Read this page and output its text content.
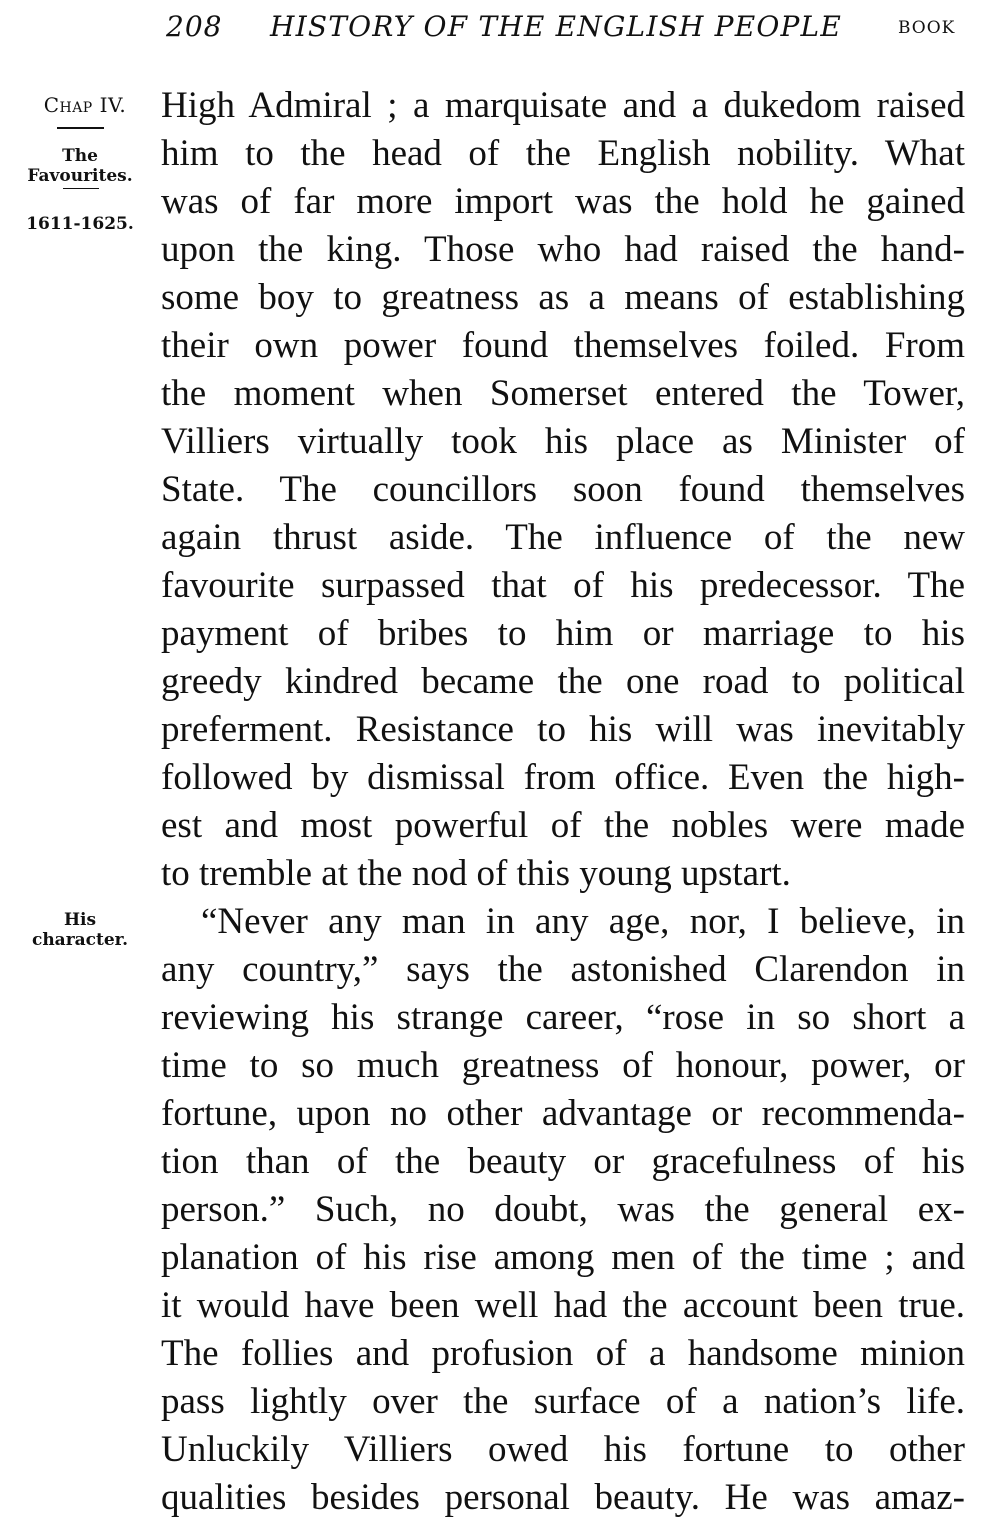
208 HISTORY OF THE ENGLISH PEOPLE	BOOK
Chap IV.
The
Favourites.
1611-1625.
His
character.

High Admiral ; a marquisate and a dukedom raised

him to the head of the English nobility. What

was of far more import was the hold he gained

upon the king. Those who had raised the hand-

some boy to greatness as a means of establishing

their own power found themselves foiled. From

the moment when Somerset entered the Tower,

Villiers virtually took his place as Minister of

State. The councillors soon found themselves

again thrust aside. The influence of the new

favourite surpassed that of his predecessor. The

payment of bribes to him or marriage to his

greedy kindred became the one road to political

preferment. Resistance to his will was inevitably

followed by dismissal from office. Even the high-

est and most powerful of the nobles were made

to tremble at the nod of this young upstart.

“Never any man in any age, nor, I believe, in

any country,” says the astonished Clarendon in

reviewing his strange career, “rose in so short a

time to so much greatness of honour, power, or

fortune, upon no other advantage or recommenda-

tion than of the beauty or gracefulness of his

person.” Such, no doubt, was the general ex-

planation of his rise among men of the time ; and

it would have been well had the account been true.

The follies and profusion of a handsome minion

pass lightly over the surface of a nation’s life.

Unluckily Villiers owed his fortune to other

qualities besides personal beauty. He was amaz-
